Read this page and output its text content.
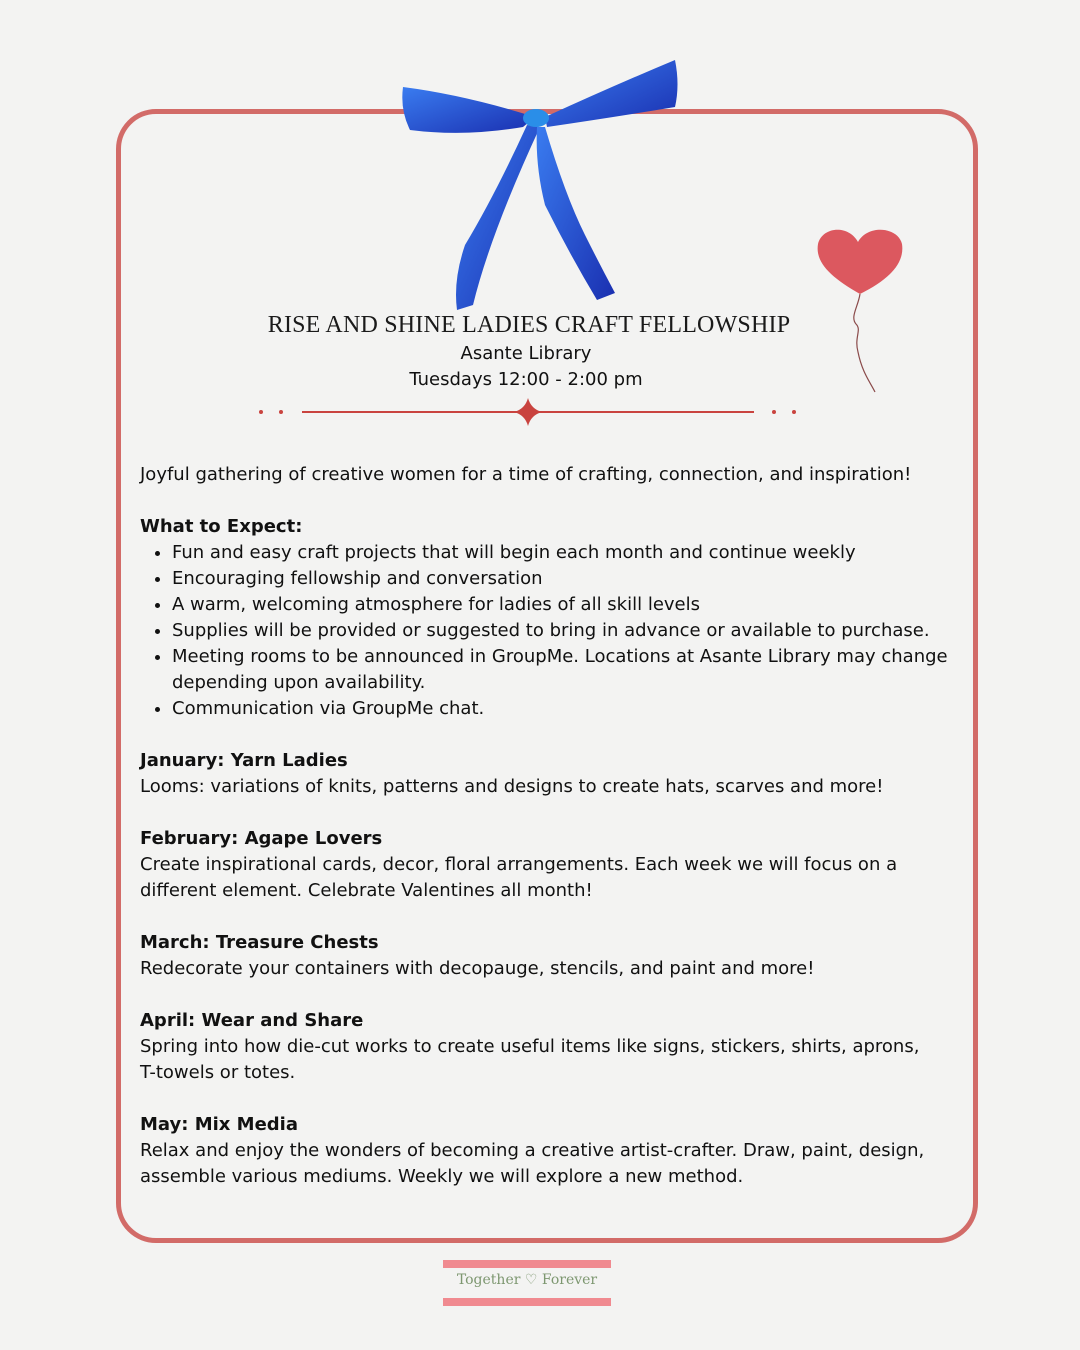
RISE AND SHINE LADIES CRAFT FELLOWSHIP
Asante Library
Tuesdays 12:00 - 2:00 pm

Joyful gathering of creative women for a time of crafting, connection, and inspiration!

What to Expect:

• Fun and easy craft projects that will begin each month and continue weekly
• Encouraging fellowship and conversation
• A warm, welcoming atmosphere for ladies of all skill levels
• Supplies will be provided or suggested to bring in advance or available to purchase.
• Meeting rooms to be announced in GroupMe. Locations at Asante Library may change depending upon availability.
• Communication via GroupMe chat.

January: Yarn Ladies

Looms: variations of knits, patterns and designs to create hats, scarves and more!

February: Agape Lovers

Create inspirational cards, decor, floral arrangements. Each week we will focus on a different element. Celebrate Valentines all month!

March: Treasure Chests

Redecorate your containers with decopauge, stencils, and paint and more!

April: Wear and Share

Spring into how die-cut works to create useful items like signs, stickers, shirts, aprons, T-towels or totes.

May: Mix Media

Relax and enjoy the wonders of becoming a creative artist-crafter. Draw, paint, design, assemble various mediums. Weekly we will explore a new method.

Together ♡ Forever
